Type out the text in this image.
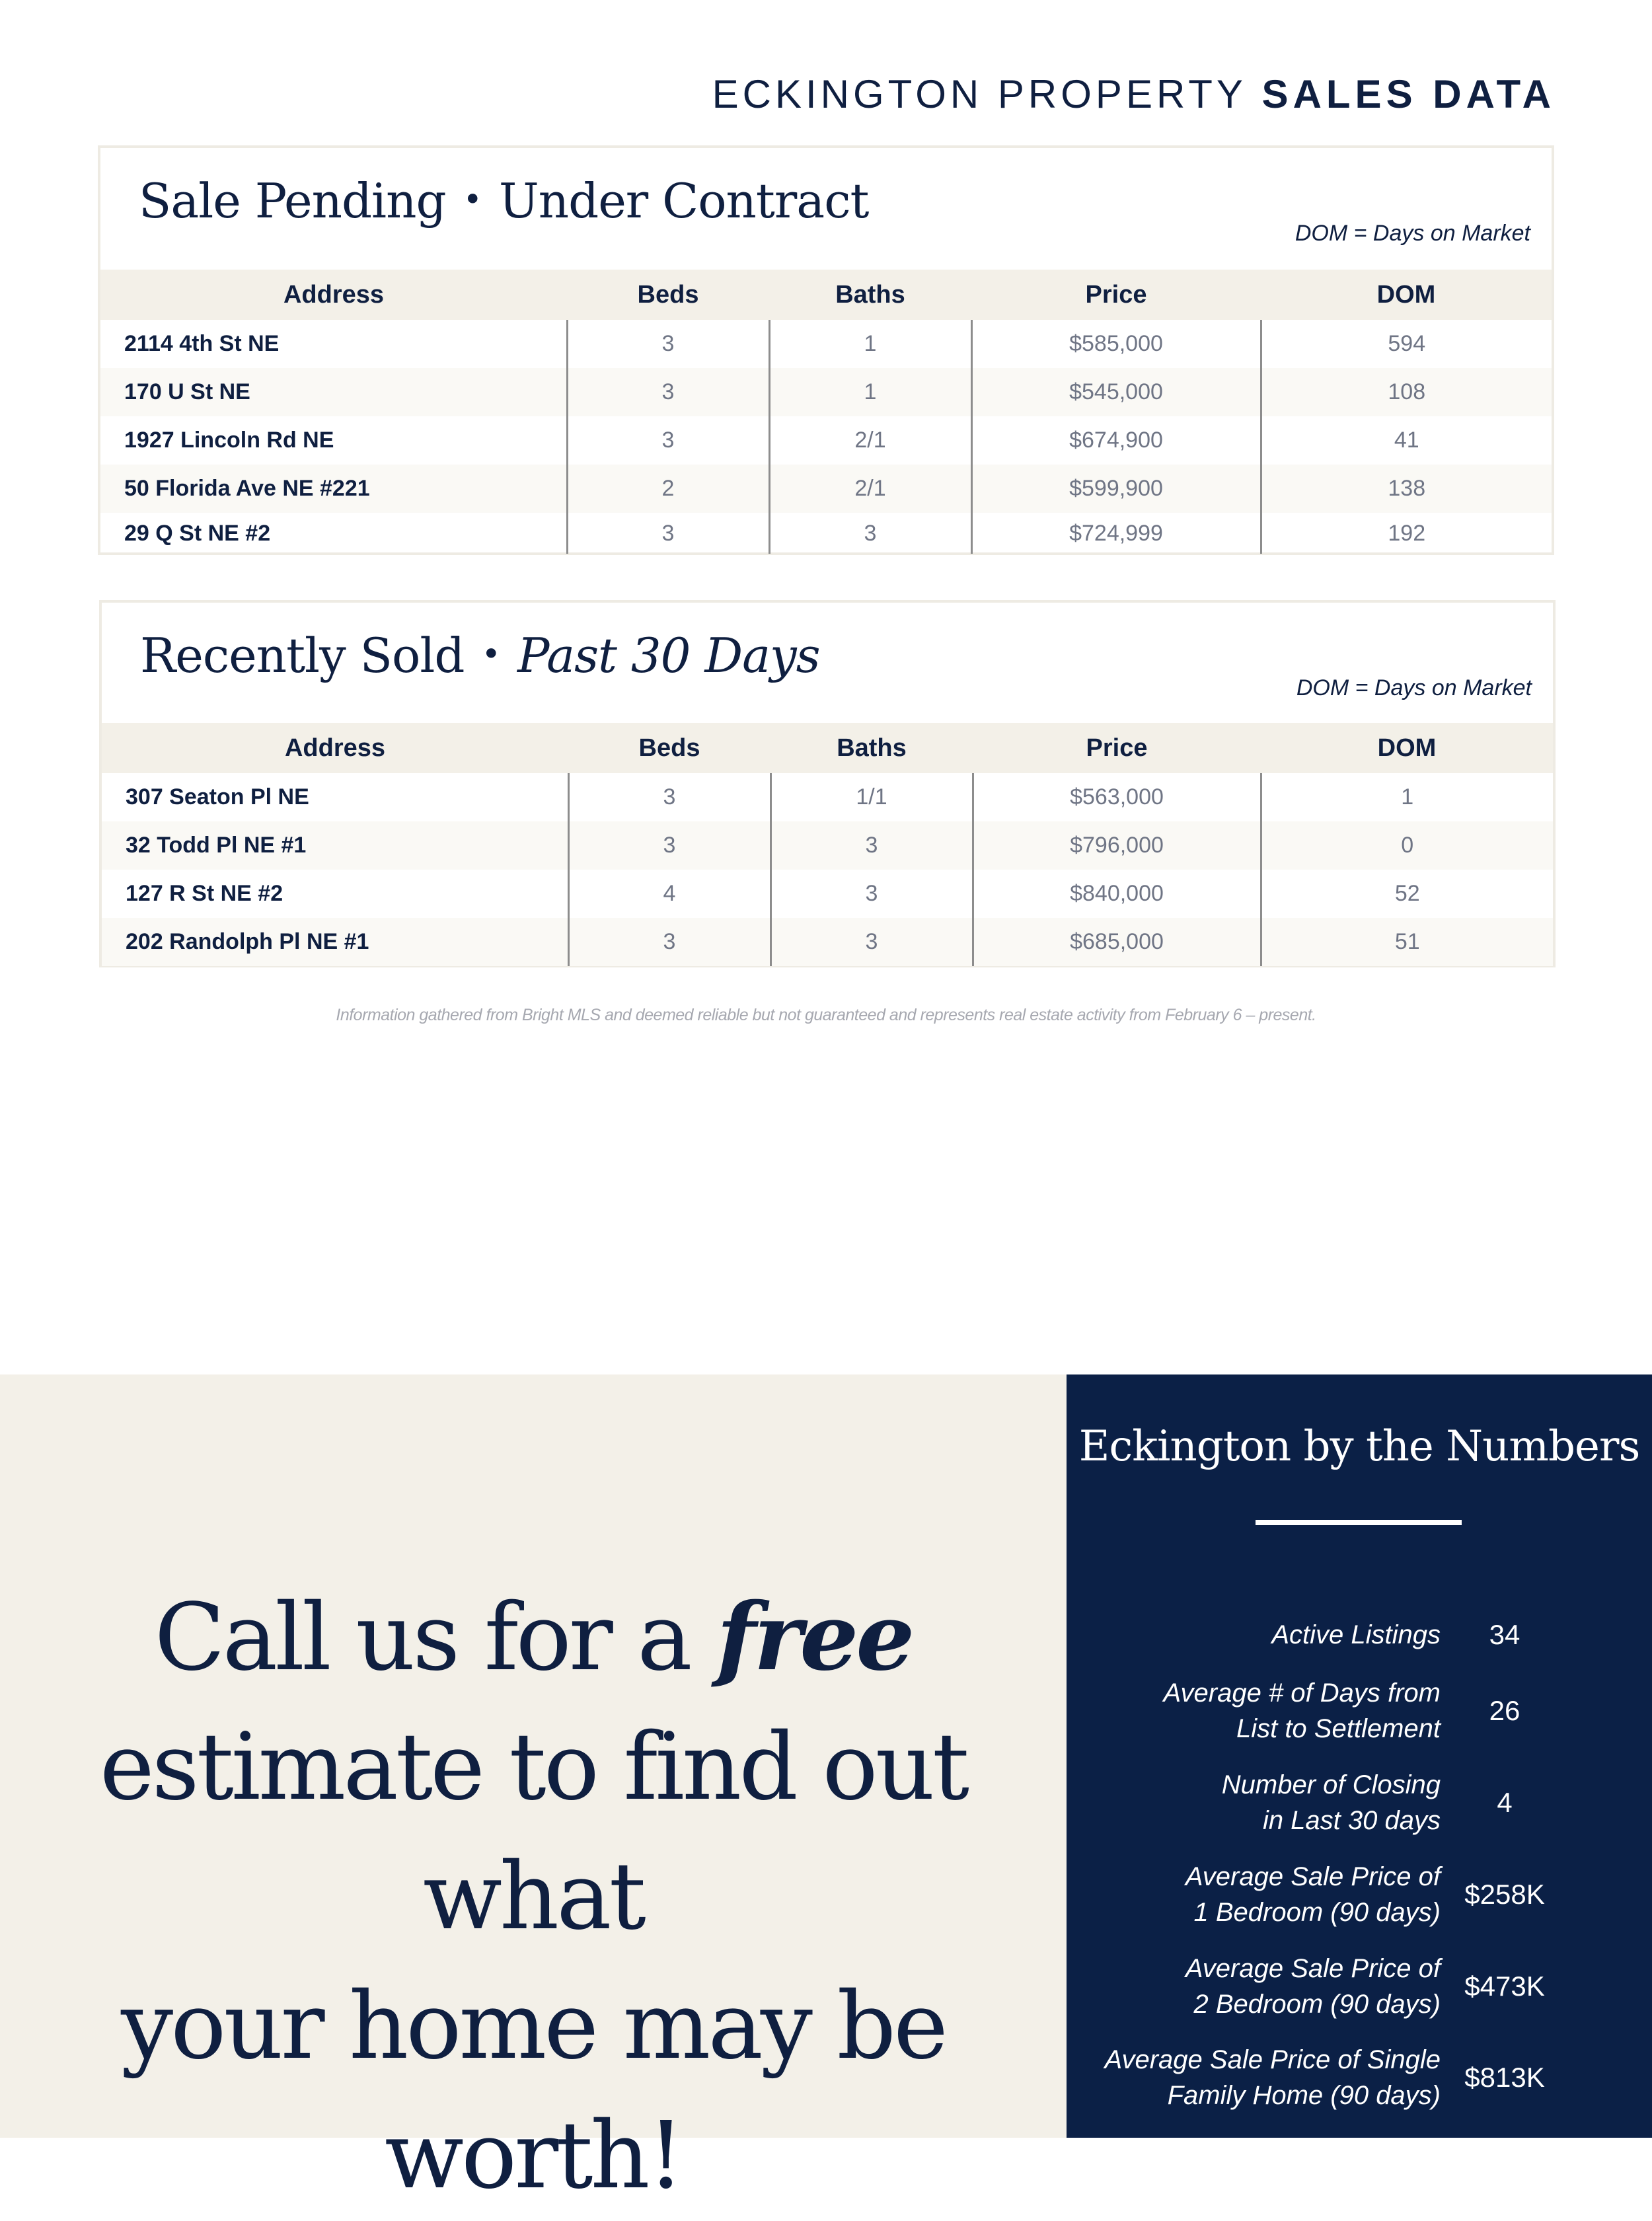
ECKINGTON PROPERTY SALES DATA
Sale Pending • Under Contract
DOM = Days on Market
Address	Beds	Baths	Price	DOM
2114 4th St NE	3	1	$585,000	594
170 U St NE	3	1	$545,000	108
1927 Lincoln Rd NE	3	2/1	$674,900	41
50 Florida Ave NE #221	2	2/1	$599,900	138
29 Q St NE #2	3	3	$724,999	192
Recently Sold • Past 30 Days
DOM = Days on Market
Address	Beds	Baths	Price	DOM
307 Seaton Pl NE	3	1/1	$563,000	1
32 Todd Pl NE #1	3	3	$796,000	0
127 R St NE #2	4	3	$840,000	52
202 Randolph Pl NE #1	3	3	$685,000	51
Information gathered from Bright MLS and deemed reliable but not guaranteed and represents real estate activity from February 6 – present.
Call us for a free
estimate to find out what
your home may be worth!
Eckington by the Numbers
Active Listings	34
Average # of Days from
List to Settlement
26
Number of Closing
in Last 30 days
4
Average Sale Price of
1 Bedroom (90 days)
$258K
Average Sale Price of
2 Bedroom (90 days)
$473K
Average Sale Price of Single
Family Home (90 days)
$813K
